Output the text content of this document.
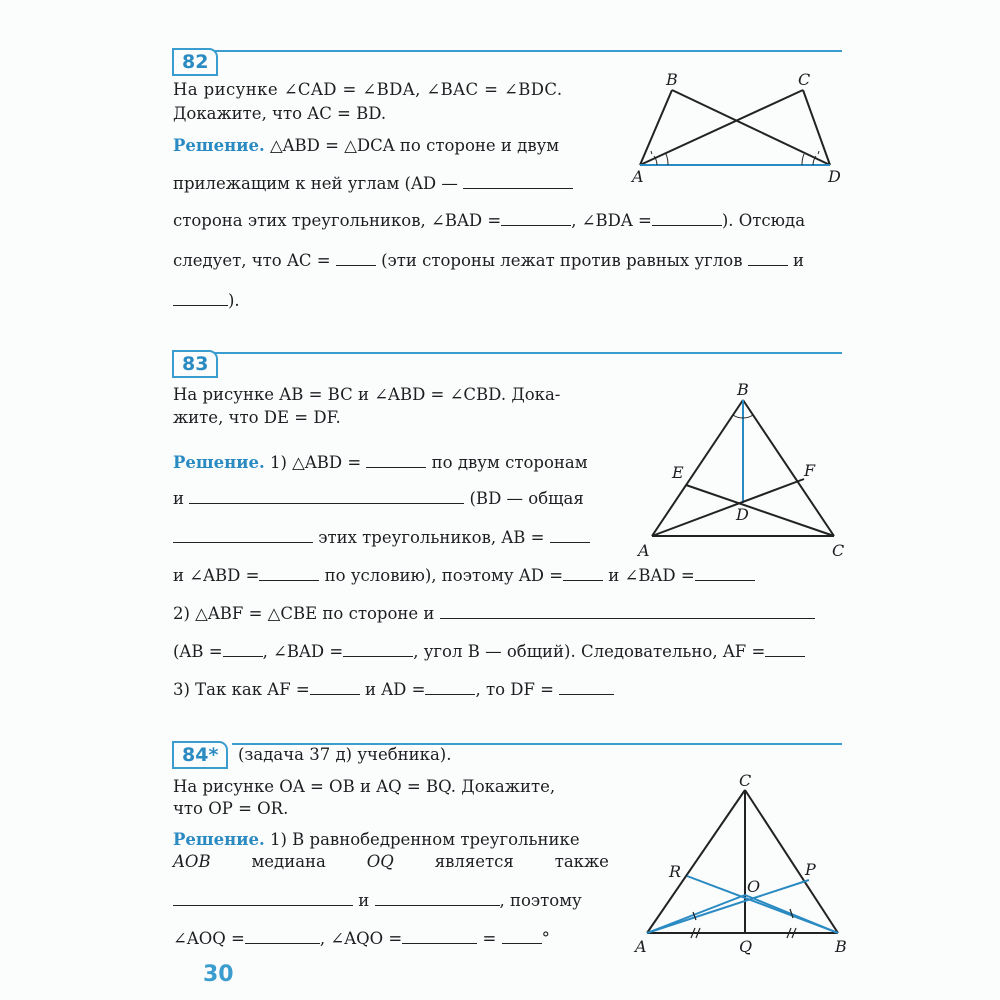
82
На рисунке ∠CAD = ∠BDA, ∠BAC = ∠BDC.
Докажите, что AC = BD.
Решение. △ABD = △DCA по стороне и двум
прилежащим к ней углам (AD —
сторона этих треугольников, ∠BAD =	, ∠BDA =	). Отсюда
следует, что AC =	(эти стороны лежат против равных углов	и
).
B	C
A	D
83
На рисунке AB = BC и ∠ABD = ∠CBD. Дока-
жите, что DE = DF.
Решение. 1) △ABD =	по двум сторонам
и	(BD — общая
этих треугольников, AB =
и ∠ABD =	по условию), поэтому AD =	и ∠BAD =
2) △ABF = △CBE по стороне и
(AB = , ∠BAD =	, угол B — общий). Следовательно, AF =
3) Так как AF =	и AD =	, то DF =
B
E	F
D
A	C
84*	(задача 37 д) учебника).
На рисунке OA = OB и AQ = BQ. Докажите,
что OP = OR.
Решение. 1) В равнобедренном треугольнике
AOB медиана OQ является также
и	, поэтому
∠AOQ =	, ∠AQO =	=	°
C
R	P
O
A	Q	B
30
